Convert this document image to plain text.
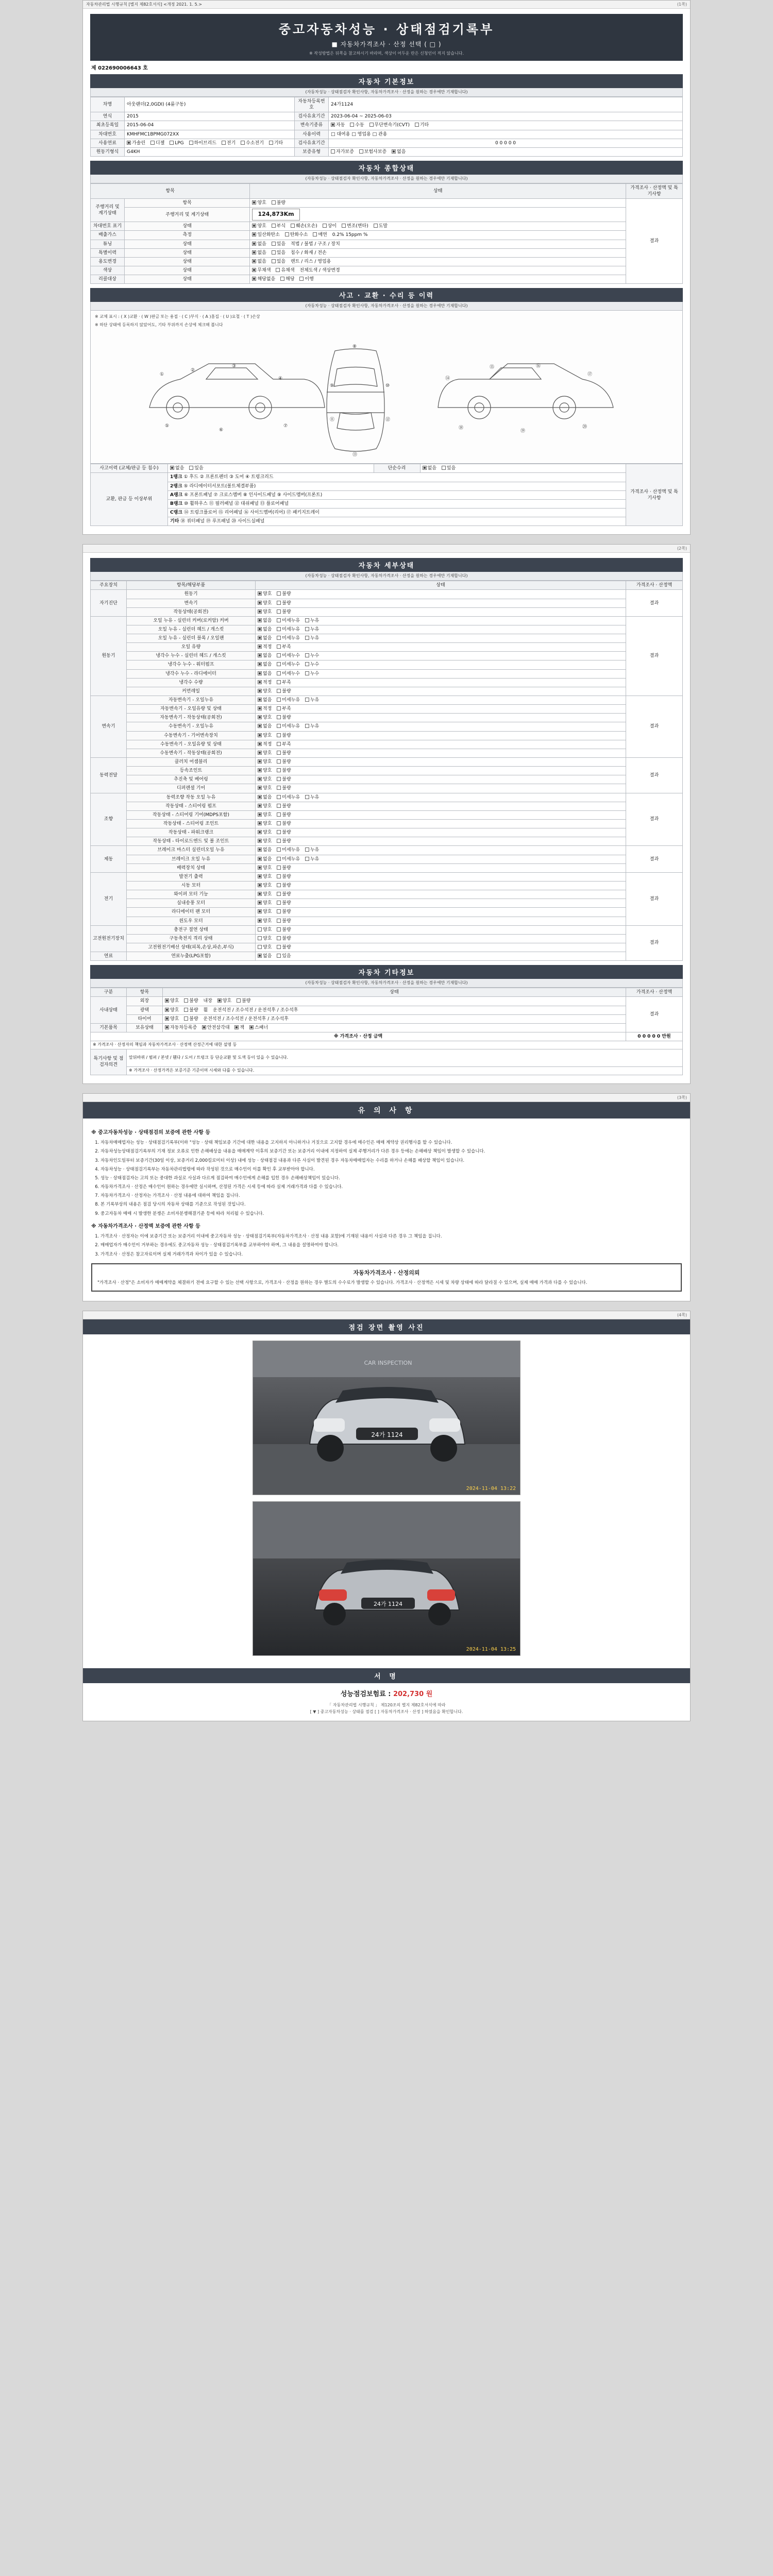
자동차관리법 시행규칙 [별지 제82호서식] <개정 2021. 1. 5.>	(1쪽)
중고자동차성능 · 상태점검기록부
■ 자동차가격조사 · 산정 선택 ( □ )
※ 작성방법은 뒤쪽을 참고하시기 바라며, 색상이 어두운 란은 신청인이 적지 않습니다.
제 022690006643 호
자동차 기본정보
(자동차성능 · 상태점검자 확인사항, 자동차가격조사 · 산정을 원하는 경우에만 기재합니다)
차명	아웃랜더(2,0GDI) (4륜구동)	자동차등록번호	24가1124
연식	2015	검사유효기간	2023-06-04 ~ 2025-06-03
최초등록일	2015-06-04	변속기종류	자동 수동 무단변속기(CVT) 기타
차대번호	KMHFMC1BPMG072XX	사용이력	□ 대여용 □ 영업용 □ 관용
사용연료	가솔린 디젤 LPG 하이브리드 전기 수소전기 기타	검사유효기간	0 0 0 0 0
원동기형식	G4KH	보증유형	자가보증 보험사보증 없음
자동차 종합상태
(자동차성능 · 상태점검자 확인사항, 자동차가격조사 · 산정을 원하는 경우에만 기재합니다)
항목		상태	가격조사 · 산정액 및 특기사항
주행거리 및 계기상태	항목	양호 불량	결과
	주행거리 및 계기상태	124,873Km	
차대번호 표기	상태	양호 부식 훼손(오손) 상이 변조(변타) 도말	
배출가스	측정	일산화탄소 탄화수소 매연 0.2% 15ppm %	
튜닝	상태	없음 있음 적법 / 불법 / 구조 / 장치	
특별이력	상태	없음 있음 침수 / 화재 / 전손	
용도변경	상태	없음 있음 렌트 / 리스 / 영업용	
색상	상태	무채색 유채색 전체도색 / 색상변경	
리콜대상	상태	해당없음 해당 이행	
사고 · 교환 · 수리 등 이력
(자동차성능 · 상태점검자 확인사항, 자동차가격조사 · 산정을 원하는 경우에만 기재합니다)
※ 교체 표시 : ( X )교환 · ( W )판금 또는 용접 · ( C )부식 · ( A )흠집 · ( U )요철 · ( T )손상
※ 하단 상태에 등록하지 않았어도, 기타 부위까지 손상에 체크해 봅니다
①
②
③
④
⑤
⑥
⑦
⑧
⑨	⑩
⑪	⑫
⑬
⑭
⑮	⑯
⑰
⑱
⑲
⑳
사고이력 (교체/판금 등 침수)	없음 있음	단순수리	없음 있음	가격조사 · 산정액 및 특기사항
교환, 판금 등 이상부위	1랭크 ① 후드 ② 프론트펜더 ③ 도어 ④ 트렁크리드			
	2랭크 ⑤ 라디에이터서포트(볼트체결부품)			
	A랭크 ⑥ 프론트패널 ⑦ 크로스멤버 ⑧ 인사이드패널 ⑨ 사이드멤버(프론트)			
	B랭크 ⑩ 휠하우스 ⑪ 필러패널 ⑫ 대쉬패널 ⑬ 플로어패널			
	C랭크 ⑭ 트렁크플로어 ⑮ 리어패널 ⑯ 사이드멤버(리어) ⑰ 패키지트레이			
	기타 ⑱ 쿼터패널 ⑲ 루프패널 ⑳ 사이드실패널			
(2쪽)
자동차 세부상태
(자동차성능 · 상태점검자 확인사항, 자동차가격조사 · 산정을 원하는 경우에만 기재합니다)
주요장치	항목/해당부품	상태	가격조사 · 산정액
자기진단	원동기	양호 불량	결과
	변속기	양호 불량	
	작동상태(공회전)	양호 불량	
원동기	오일 누유 - 실린더 커버(로커암) 커버	없음 미세누유 누유	결과
	오일 누유 - 실린더 헤드 / 개스킷	없음 미세누유 누유	
	오일 누유 - 실린더 블록 / 오일팬	없음 미세누유 누유	
	오일 유량	적정 부족	
	냉각수 누수 - 실린더 헤드 / 개스킷	없음 미세누수 누수	
	냉각수 누수 - 워터펌프	없음 미세누수 누수	
	냉각수 누수 - 라디에이터	없음 미세누수 누수	
	냉각수 수량	적정 부족	
	커먼레일	양호 불량	
변속기	자동변속기 - 오일누유	없음 미세누유 누유	결과
	자동변속기 - 오일유량 및 상태	적정 부족	
	자동변속기 - 작동상태(공회전)	양호 불량	
	수동변속기 - 오일누유	없음 미세누유 누유	
	수동변속기 - 기어변속장치	양호 불량	
	수동변속기 - 오일유량 및 상태	적정 부족	
	수동변속기 - 작동상태(공회전)	양호 불량	
동력전달	클러치 어셈블리	양호 불량	결과
	등속조인트	양호 불량	
	추진축 및 베어링	양호 불량	
	디퍼렌셜 기어	양호 불량	
조향	동력조향 작동 오일 누유	없음 미세누유 누유	결과
	작동상태 - 스티어링 펌프	양호 불량	
	작동상태 - 스티어링 기어(MDPS포함)	양호 불량	
	작동상태 - 스티어링 조인트	양호 불량	
	작동상태 - 파워크랭크	양호 불량	
	작동상태 - 타이로드엔드 및 볼 조인트	양호 불량	
제동	브레이크 마스터 실린더오일 누유	없음 미세누유 누유	결과
	브레이크 오일 누유	없음 미세누유 누유	
	배력장치 상태	양호 불량	
전기	발전기 출력	양호 불량	결과
	시동 모터	양호 불량	
	와이퍼 모터 기능	양호 불량	
	실내송풍 모터	양호 불량	
	라디에이터 팬 모터	양호 불량	
	윈도우 모터	양호 불량	
고전원전기장치	충전구 절연 상태	양호 불량	결과
	구동축전지 격리 상태	양호 불량	
	고전원전기배선 상태(피복,손상,파손,부식)	양호 불량	
연료	연료누출(LPG포함)	없음 있음	
자동차 기타정보
(자동차성능 · 상태점검자 확인사항, 자동차가격조사 · 산정을 원하는 경우에만 기재합니다)
구분	항목	상태	가격조사 · 산정액
사내상태	외장	양호 불량 내장 양호 불량	결과
	광택	양호 불량 휠 운전석전 / 조수석전 / 운전석후 / 조수석후	
	타이어	양호 불량 운전석전 / 조수석전 / 운전석후 / 조수석후	
기본품목	보유상태	자동차등록증 안전삼각대 잭 스패너	
※ 가격조사 · 산정 금액			0 0 0 0 0 만원
※ 가격조사 · 산정자의 책임과 자동차가격조사 · 산정액 산정근거에 대한 설명 등			
특기사항 및 점검자의견	앞뒤바퀴 / 범퍼 / 본넷 / 휀다 / 도어 / 트렁크 등 단순교환 및 도색 등이 있을 수 있습니다.		
	※ 가격조사 · 산정가격은 보증기준 기준이며 시세와 다를 수 있습니다.		
(3쪽)
유 의 사 항
※ 중고자동차성능 · 상태점검의 보증에 관한 사항 등
1. 자동차매매업자는 성능 · 상태점검기록부(이하 "성능 · 상태 책임보증 기간에 대한 내용을 고지하지 아니하거나 거짓으로 고지할 경우에 매수인은 매매 계약상 권리행사를 할 수 있습니다.
2. 자동차성능상태점검기록부의 기재 정보 오류로 인한 손해배상을 내용을 매매계약 이후의 보증기간 또는 보증거리 이내에 지정하여 실제 주행거리가 다른 경우 등에는 손해배상 책임이 발생할 수 있습니다.
3. 자동차인도일부터 보증기간(30일 이상, 보증거리 2,000킬로미터 이상) 내에 성능 · 상태점검 내용과 다른 사실이 발견된 경우 자동차매매업자는 수리를 하거나 손해를 배상할 책임이 있습니다.
4. 자동차성능 · 상태점검기록부는 자동차관리법령에 따라 작성된 것으로 매수인이 이를 확인 후 교부받아야 합니다.
5. 성능 · 상태점검자는 고의 또는 중대한 과실로 사실과 다르게 점검하여 매수인에게 손해를 입힌 경우 손해배상책임이 있습니다.
6. 자동차가격조사 · 산정은 매수인이 원하는 경우에만 실시하며, 산정된 가격은 시세 등에 따라 실제 거래가격과 다를 수 있습니다.
7. 자동차가격조사 · 산정자는 가격조사 · 산정 내용에 대하여 책임을 집니다.
8. 본 기록부상의 내용은 점검 당시의 자동차 상태를 기준으로 작성된 것입니다.
9. 중고자동차 매매 시 발생한 분쟁은 소비자분쟁해결기준 등에 따라 처리될 수 있습니다.
※ 자동차가격조사 · 산정액 보증에 관한 사항 등
1. 가격조사 · 산정자는 이에 보증기간 또는 보증거리 이내에 중고자동차 성능 · 상태점검기록부(자동차가격조사 · 산정 내용 포함)에 기재된 내용이 사실과 다른 경우 그 책임을 집니다.
2. 매매업자가 매수인이 거부하는 경우에도 중고자동차 성능 · 상태점검기록부를 교부하여야 하며, 그 내용을 설명하여야 합니다.
3. 가격조사 · 산정은 참고자료이며 실제 거래가격과 차이가 있을 수 있습니다.
자동차가격조사 · 산정의뢰
"가격조사 · 산정"은 소비자가 매매계약을 체결하기 전에 요구할 수 있는 선택 사항으로, 가격조사 · 산정을 원하는 경우 별도의 수수료가 발생할 수 있습니다. 가격조사 · 산정액은 시세 및 차량 상태에 따라 달라질 수 있으며, 실제 매매 가격과 다를 수 있습니다.
(4쪽)
점검 장면 촬영 사진
24가 1124
CAR INSPECTION
2024-11-04 13:22
24가 1124
2024-11-04 13:25
서 명
성능점검보험료 : 202,730 원
「 자동차관리법 시행규칙 」 제120조의 별지 제82호서식에 따라
[ ▼ ] 중고자동차성능 · 상태를 점검 [ ] 자동차가격조사 · 산정 ] 하였음을 확인합니다.
